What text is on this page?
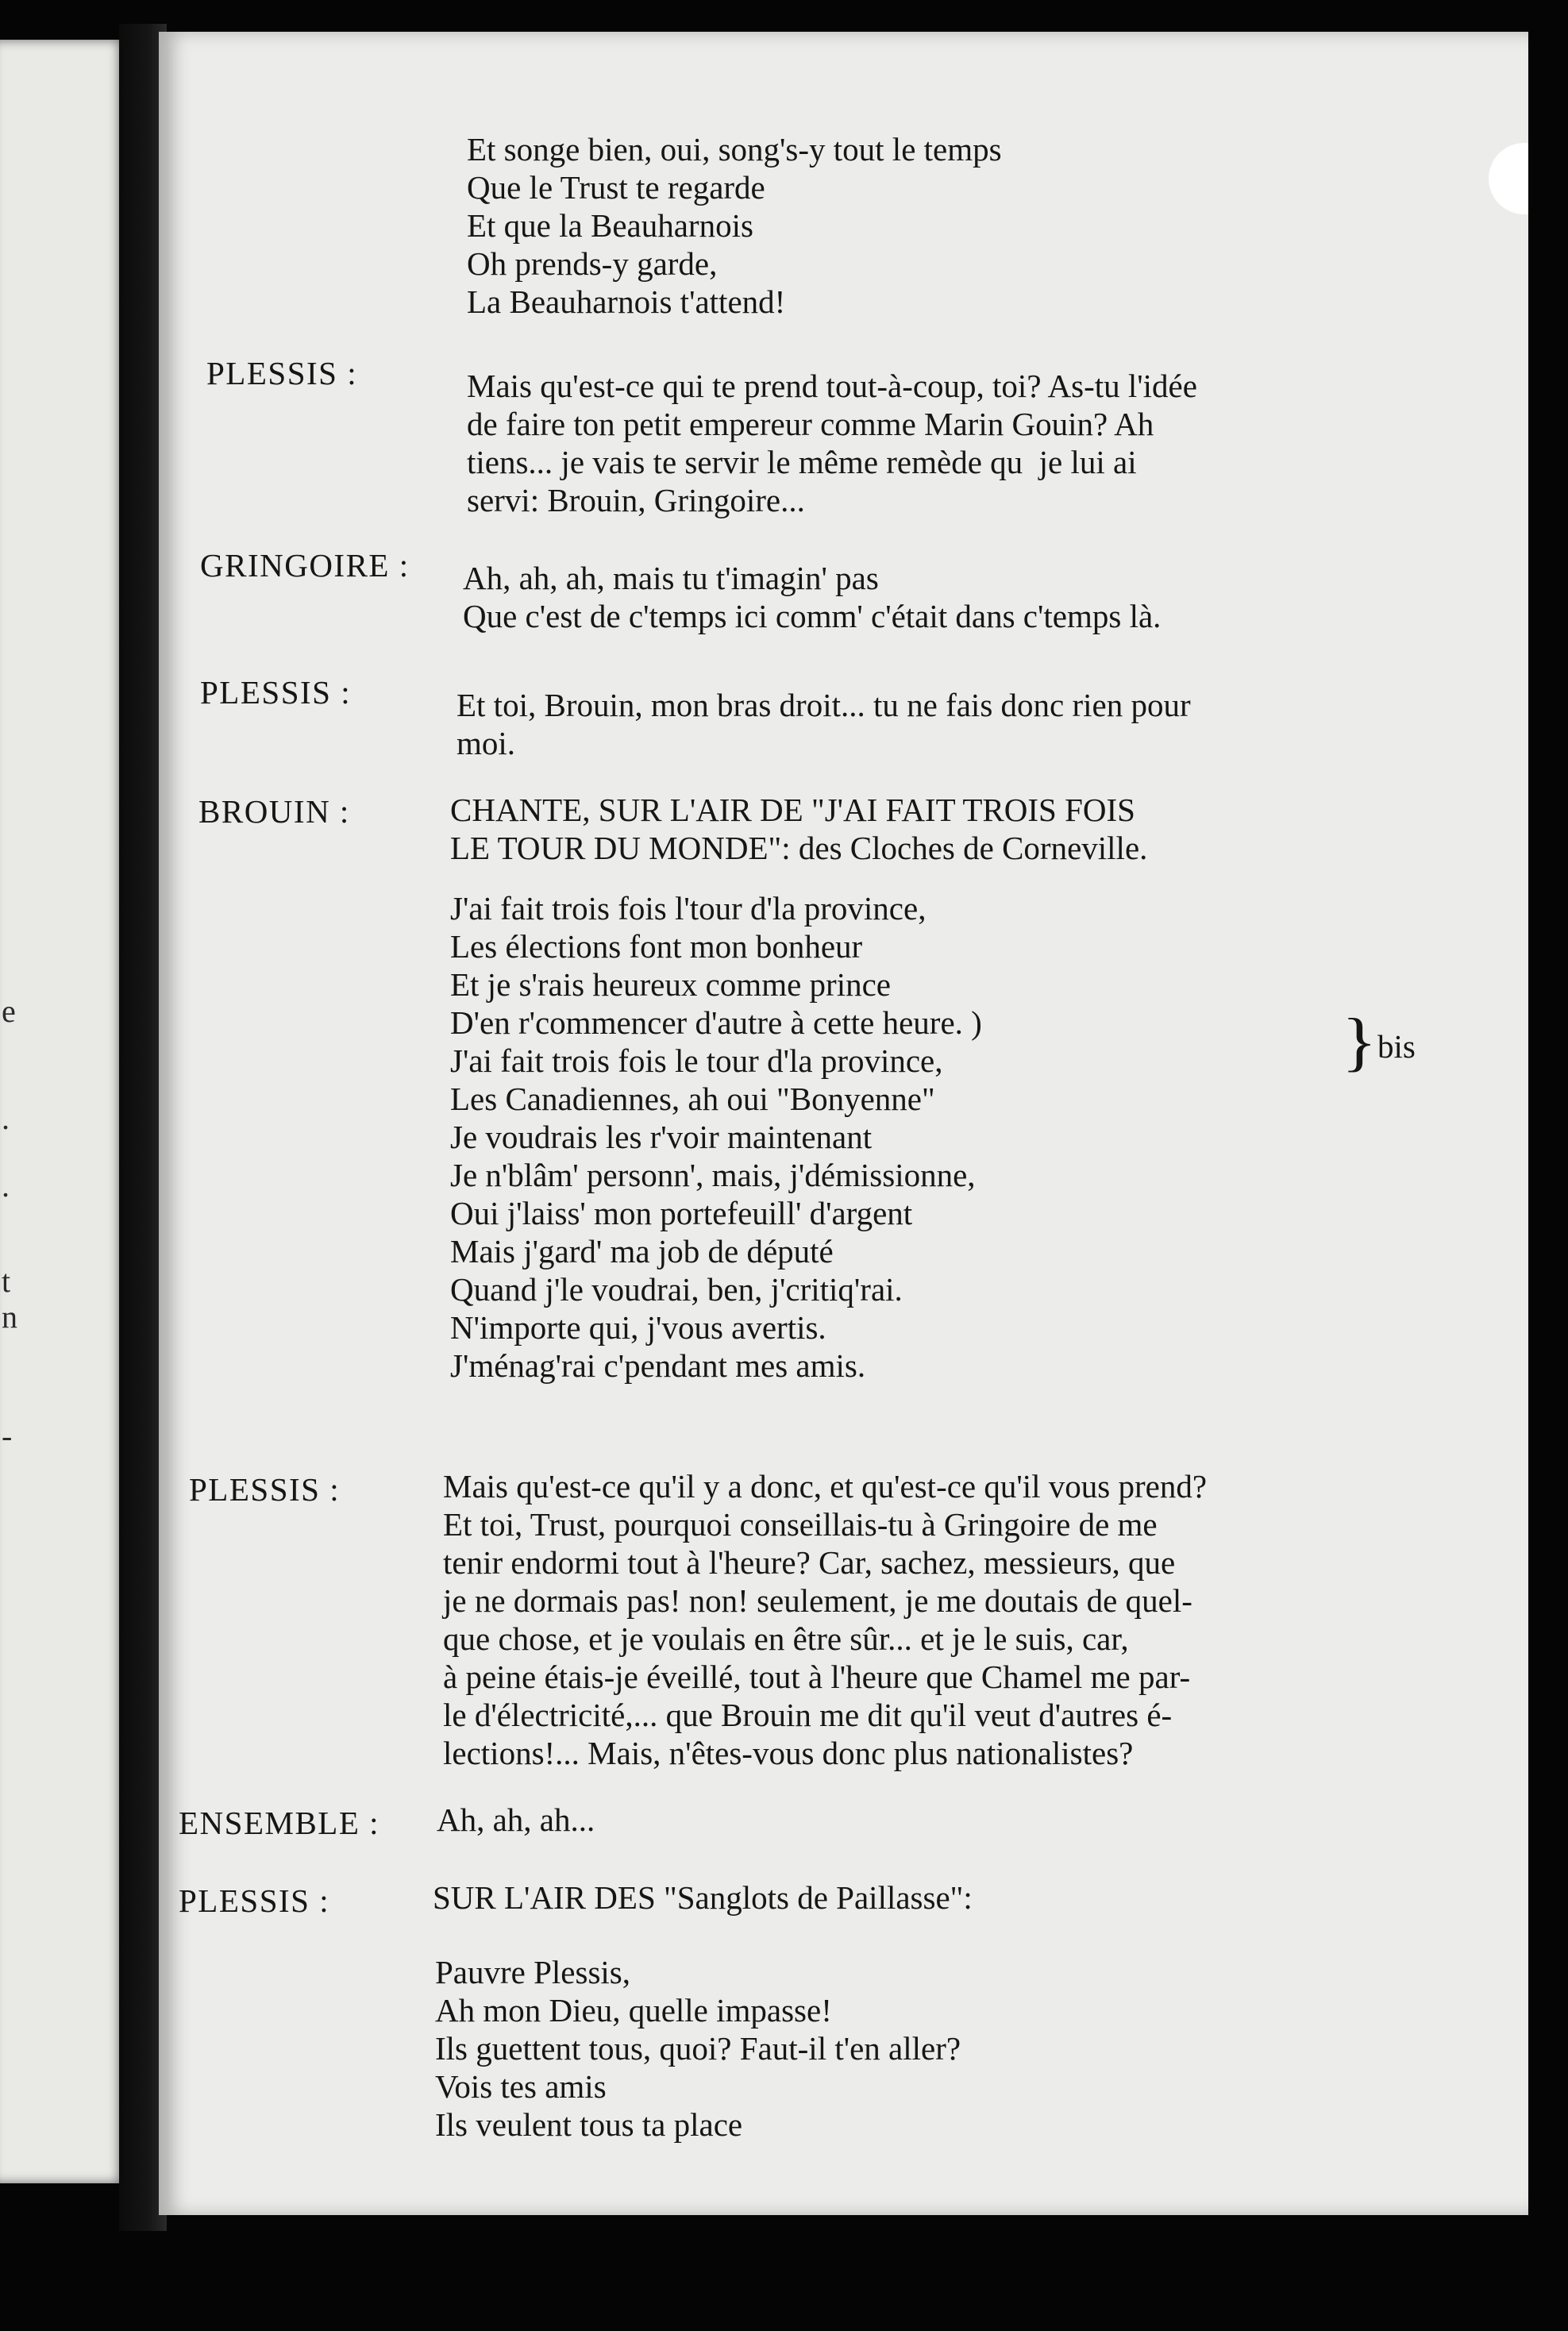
e
.
.
t
n
-
Et songe bien, oui, song's-y tout le temps
Que le Trust te regarde
Et que la Beauharnois
Oh prends-y garde,
La Beauharnois t'attend!
PLESSIS :	Mais qu'est-ce qui te prend tout-à-coup, toi? As-tu l'idée
de faire ton petit empereur comme Marin Gouin? Ah
tiens... je vais te servir le même remède qu  je lui ai
servi: Brouin, Gringoire...
GRINGOIRE : Ah, ah, ah, mais tu t'imagin' pas
Que c'est de c'temps ici comm' c'était dans c'temps là.
PLESSIS :	Et toi, Brouin, mon bras droit... tu ne fais donc rien pour
moi.
BROUIN :	CHANTE, SUR L'AIR DE "J'AI FAIT TROIS FOIS
LE TOUR DU MONDE": des Cloches de Corneville.
J'ai fait trois fois l'tour d'la province,
Les élections font mon bonheur
Et je s'rais heureux comme prince
D'en r'commencer d'autre à cette heure. )
J'ai fait trois fois le tour d'la province,
Les Canadiennes, ah oui "Bonyenne"
Je voudrais les r'voir maintenant
Je n'blâm' personn', mais, j'démissionne,
Oui j'laiss' mon portefeuill' d'argent
Mais j'gard' ma job de député
Quand j'le voudrai, ben, j'critiq'rai.
N'importe qui, j'vous avertis.
J'ménag'rai c'pendant mes amis.
} bis
PLESSIS :	Mais qu'est-ce qu'il y a donc, et qu'est-ce qu'il vous prend?
Et toi, Trust, pourquoi conseillais-tu à Gringoire de me
tenir endormi tout à l'heure? Car, sachez, messieurs, que
je ne dormais pas! non! seulement, je me doutais de quel-
que chose, et je voulais en être sûr... et je le suis, car,
à peine étais-je éveillé, tout à l'heure que Chamel me par-
le d'électricité,... que Brouin me dit qu'il veut d'autres é-
lections!... Mais, n'êtes-vous donc plus nationalistes?
ENSEMBLE : Ah, ah, ah...
PLESSIS :	SUR L'AIR DES "Sanglots de Paillasse":
Pauvre Plessis,
Ah mon Dieu, quelle impasse!
Ils guettent tous, quoi? Faut-il t'en aller?
Vois tes amis
Ils veulent tous ta place
